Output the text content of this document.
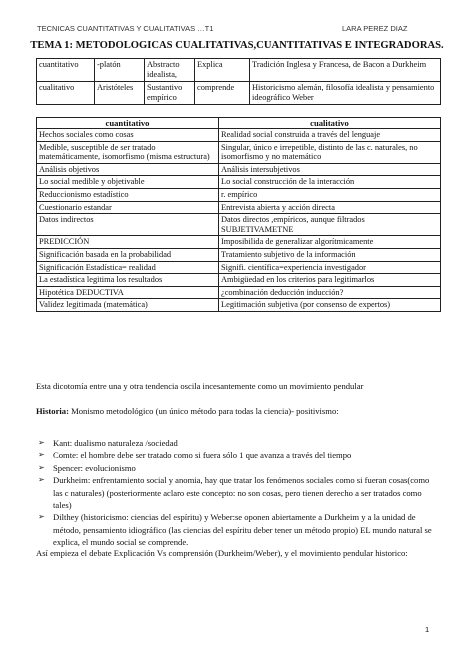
TECNICAS CUANTITATIVAS Y CUALITATIVAS …T1	LARA PEREZ DIAZ
TEMA 1: METODOLOGICAS CUALITATIVAS,CUANTITATIVAS E INTEGRADORAS.
cuantitativo	-platón	Abstracto idealista,	Explica	Tradición Inglesa y Francesa, de Bacon a Durkheim
cualitativo	Aristóteles	Sustantivo empírico	comprende	Historicismo alemán, filosofía idealista y pensamiento ideográfico Weber
cuantitativo	cualitativo
Hechos sociales como cosas	Realidad social construida a través del lenguaje
Medible, susceptible de ser tratado matemáticamente, isomorfismo (misma estructura)	Singular, único e irrepetible, distinto de las c. naturales, no isomorfismo y no matemático
Análisis objetivos	Análisis intersubjetivos
Lo social medible y objetivable	Lo social construcción de la interacción
Reduccionismo estadístico	r. empírico
Cuestionario estandar	Entrevista abierta y acción directa
Datos indirectos	Datos directos ,empíricos, aunque filtrados SUBJETIVAMETNE
PREDICCIÓN	Imposibilida de generalizar algorítmicamente
Significación basada en la probabilidad	Tratamiento subjetivo de la información
Significación Estadística= realidad	Signifi. científica=experiencia investigador
La estadística legitima los resultados	Ambigüedad en los criterios para legitimarlos
Hipotética DEDUCTIVA	¿combinación deducción inducción?
Validez legitimada (matemática)	Legitimación subjetiva (por consenso de expertos)
Esta dicotomía entre una y otra tendencia oscila incesantemente como un movimiento pendular
Historia: Monismo metodológico (un único método para todas la ciencia)- positivismo:
➢ Kant: dualismo naturaleza /sociedad
➢ Comte: el hombre debe ser tratado como si fuera sólo 1 que avanza a través del tiempo
➢ Spencer: evolucionismo
➢ Durkheim: enfrentamiento social y anomia, hay que tratar los fenómenos sociales como si fueran cosas(como las c naturales) (posteriormente aclaro este concepto: no son cosas, pero tienen derecho a ser tratados como tales)
➢ Dilthey (historicismo: ciencias del espíritu) y Weber:se oponen abiertamente a Durkheim y a la unidad de método, pensamiento idiográfico (las ciencias del espíritu deber tener un método propio) EL mundo natural se explica, el mundo social se comprende.
Así empieza el debate Explicación Vs comprensión (Durkheim/Weber), y el movimiento pendular historico:
1
